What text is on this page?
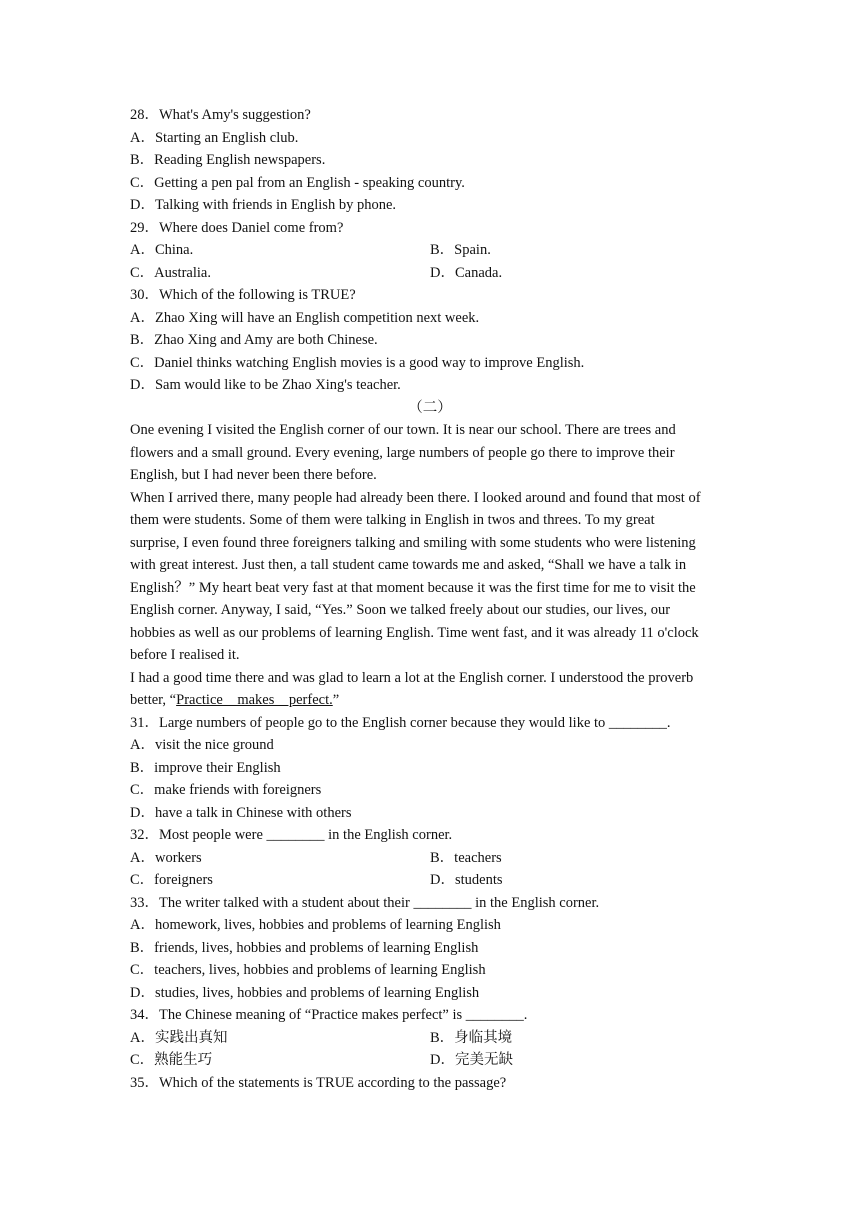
28．What's Amy's suggestion?
A．Starting an English club.
B．Reading English newspapers.
C．Getting a pen pal from an English - speaking country.
D．Talking with friends in English by phone.
29．Where does Daniel come from?
A．China.	B．Spain.
C．Australia.	D．Canada.
30．Which of the following is TRUE?
A．Zhao Xing will have an English competition next week.
B．Zhao Xing and Amy are both Chinese.
C．Daniel thinks watching English movies is a good way to improve English.
D．Sam would like to be Zhao Xing's teacher.
（二）
One evening I visited the English corner of our town. It is near our school. There are trees and
flowers and a small ground. Every evening, large numbers of people go there to improve their
English, but I had never been there before.
When I arrived there, many people had already been there. I looked around and found that most of
them were students. Some of them were talking in English in twos and threes. To my great
surprise, I even found three foreigners talking and smiling with some students who were listening
with great interest. Just then, a tall student came towards me and asked, “Shall we have a talk in
English？” My heart beat very fast at that moment because it was the first time for me to visit the
English corner. Anyway, I said, “Yes.” Soon we talked freely about our studies, our lives, our
hobbies as well as our problems of learning English. Time went fast, and it was already 11 o'clock
before I realised it.
I had a good time there and was glad to learn a lot at the English corner. I understood the proverb
better, “Practice    makes    perfect.”
31．Large numbers of people go to the English corner because they would like to ________.
A．visit the nice ground
B．improve their English
C．make friends with foreigners
D．have a talk in Chinese with others
32．Most people were ________ in the English corner.
A．workers	B．teachers
C．foreigners	D．students
33．The writer talked with a student about their ________ in the English corner.
A．homework, lives, hobbies and problems of learning English
B．friends, lives, hobbies and problems of learning English
C．teachers, lives, hobbies and problems of learning English
D．studies, lives, hobbies and problems of learning English
34．The Chinese meaning of “Practice makes perfect” is ________.
A．实践出真知	B．身临其境
C．熟能生巧	D．完美无缺
35．Which of the statements is TRUE according to the passage?
